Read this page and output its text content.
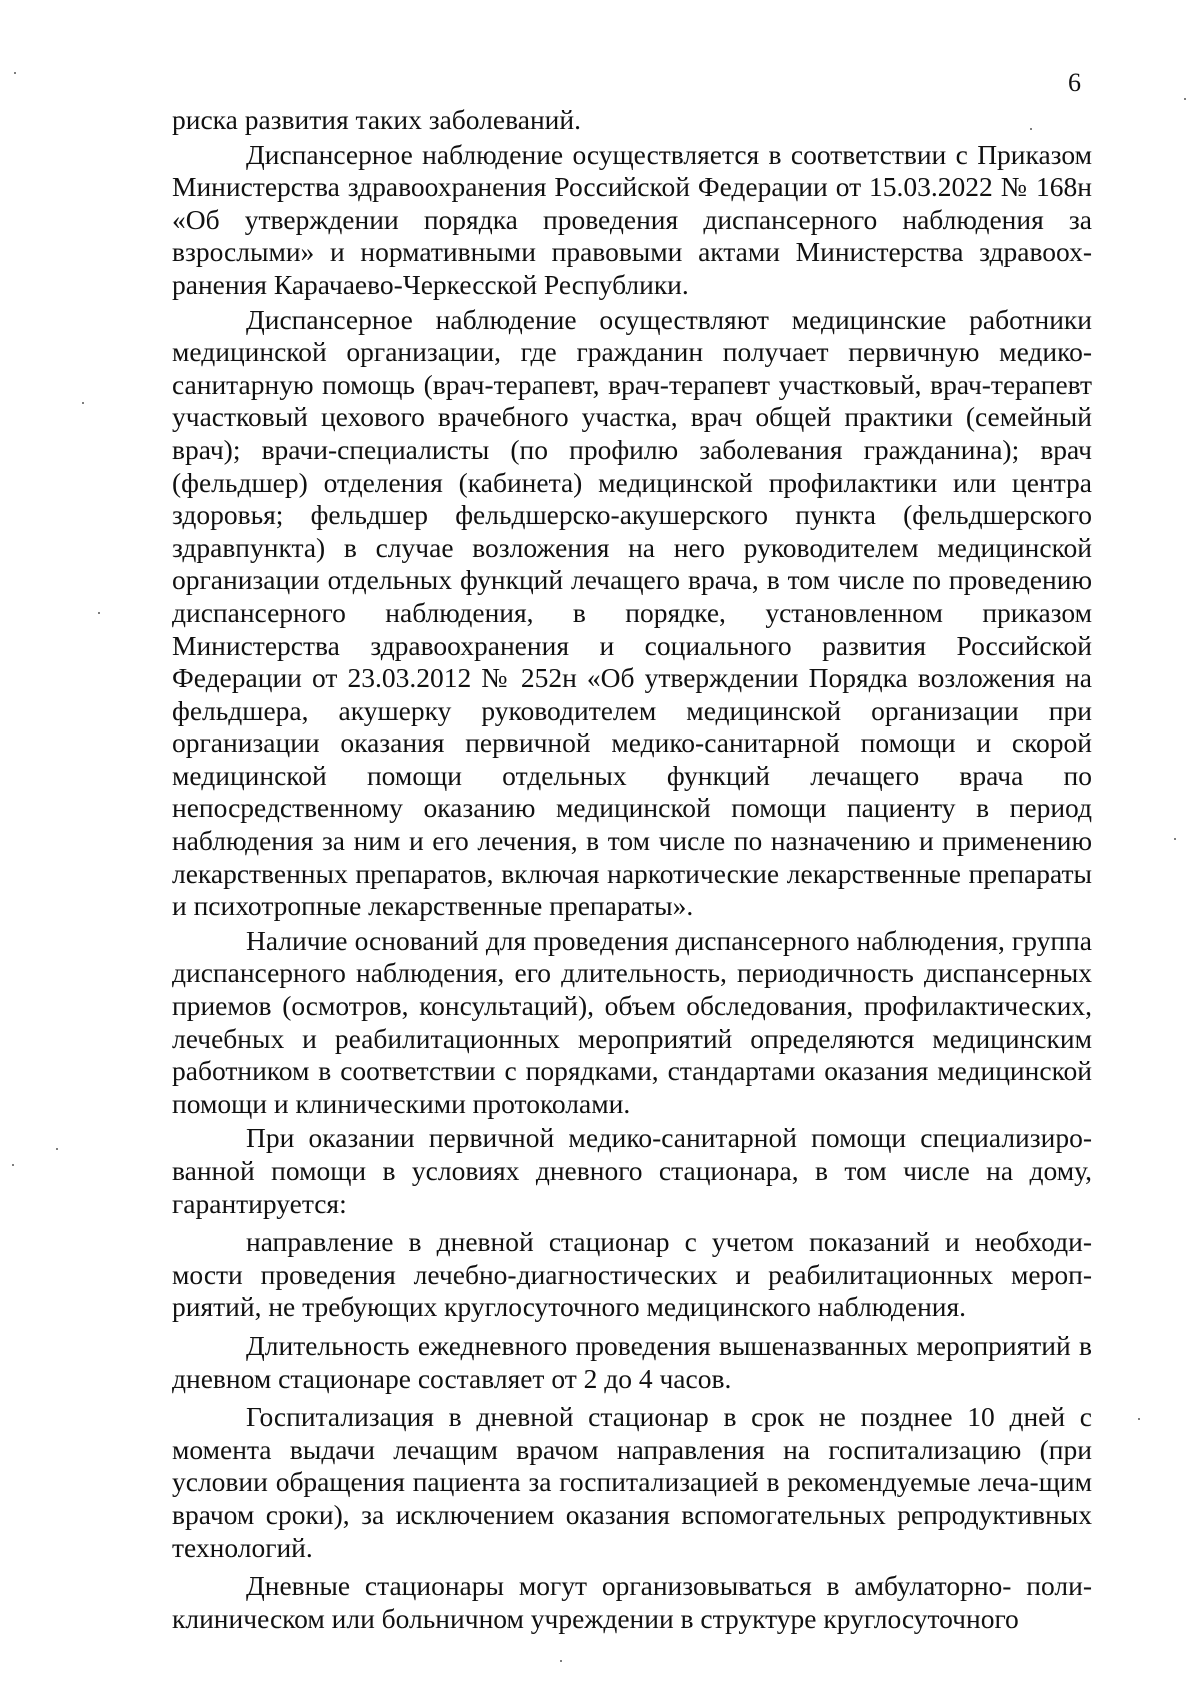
6

риска развития таких заболеваний.

Диспансерное наблюдение осуществляется в соответствии с Приказом Министерства здравоохранения Российской Федерации от 15.03.2022 № 168н «Об утверждении порядка проведения диспансерного наблюдения за взрослыми» и нормативными правовыми актами Министерства здравоох-ранения Карачаево-Черкесской Республики.

Диспансерное наблюдение осуществляют медицинские работники медицинской организации, где гражданин получает первичную медико-санитарную помощь (врач-терапевт, врач-терапевт участковый, врач-терапевт участковый цехового врачебного участка, врач общей практики (семейный врач); врачи-специалисты (по профилю заболевания гражданина); врач (фельдшер) отделения (кабинета) медицинской профилактики или центра здоровья; фельдшер фельдшерско-акушерского пункта (фельдшерского здравпункта) в случае возложения на него руководителем медицинской организации отдельных функций лечащего врача, в том числе по проведению диспансерного наблюдения, в порядке, установленном приказом Министерства здравоохранения и социального развития Российской Федерации от 23.03.2012 № 252н «Об утверждении Порядка возложения на фельдшера, акушерку руководителем медицинской организации при организации оказания первичной медико-санитарной помощи и скорой медицинской помощи отдельных функций лечащего врача по непосредственному оказанию медицинской помощи пациенту в период наблюдения за ним и его лечения, в том числе по назначению и применению лекарственных препаратов, включая наркотические лекарственные препараты и психотропные лекарственные препараты».

Наличие оснований для проведения диспансерного наблюдения, группа диспансерного наблюдения, его длительность, периодичность диспансерных приемов (осмотров, консультаций), объем обследования, профилактических, лечебных и реабилитационных мероприятий определяются медицинским работником в соответствии с порядками, стандартами оказания медицинской помощи и клиническими протоколами.

При оказании первичной медико-санитарной помощи специализиро-ванной помощи в условиях дневного стационара, в том числе на дому, гарантируется:

направление в дневной стационар с учетом показаний и необходи-мости проведения лечебно-диагностических и реабилитационных мероп-риятий, не требующих круглосуточного медицинского наблюдения.

Длительность ежедневного проведения вышеназванных мероприятий в дневном стационаре составляет от 2 до 4 часов.

Госпитализация в дневной стационар в срок не позднее 10 дней с момента выдачи лечащим врачом направления на госпитализацию (при условии обращения пациента за госпитализацией в рекомендуемые леча-щим врачом сроки), за исключением оказания вспомогательных репродуктивных технологий.

Дневные стационары могут организовываться в амбулаторно- поли-клиническом или больничном учреждении в структуре круглосуточного
